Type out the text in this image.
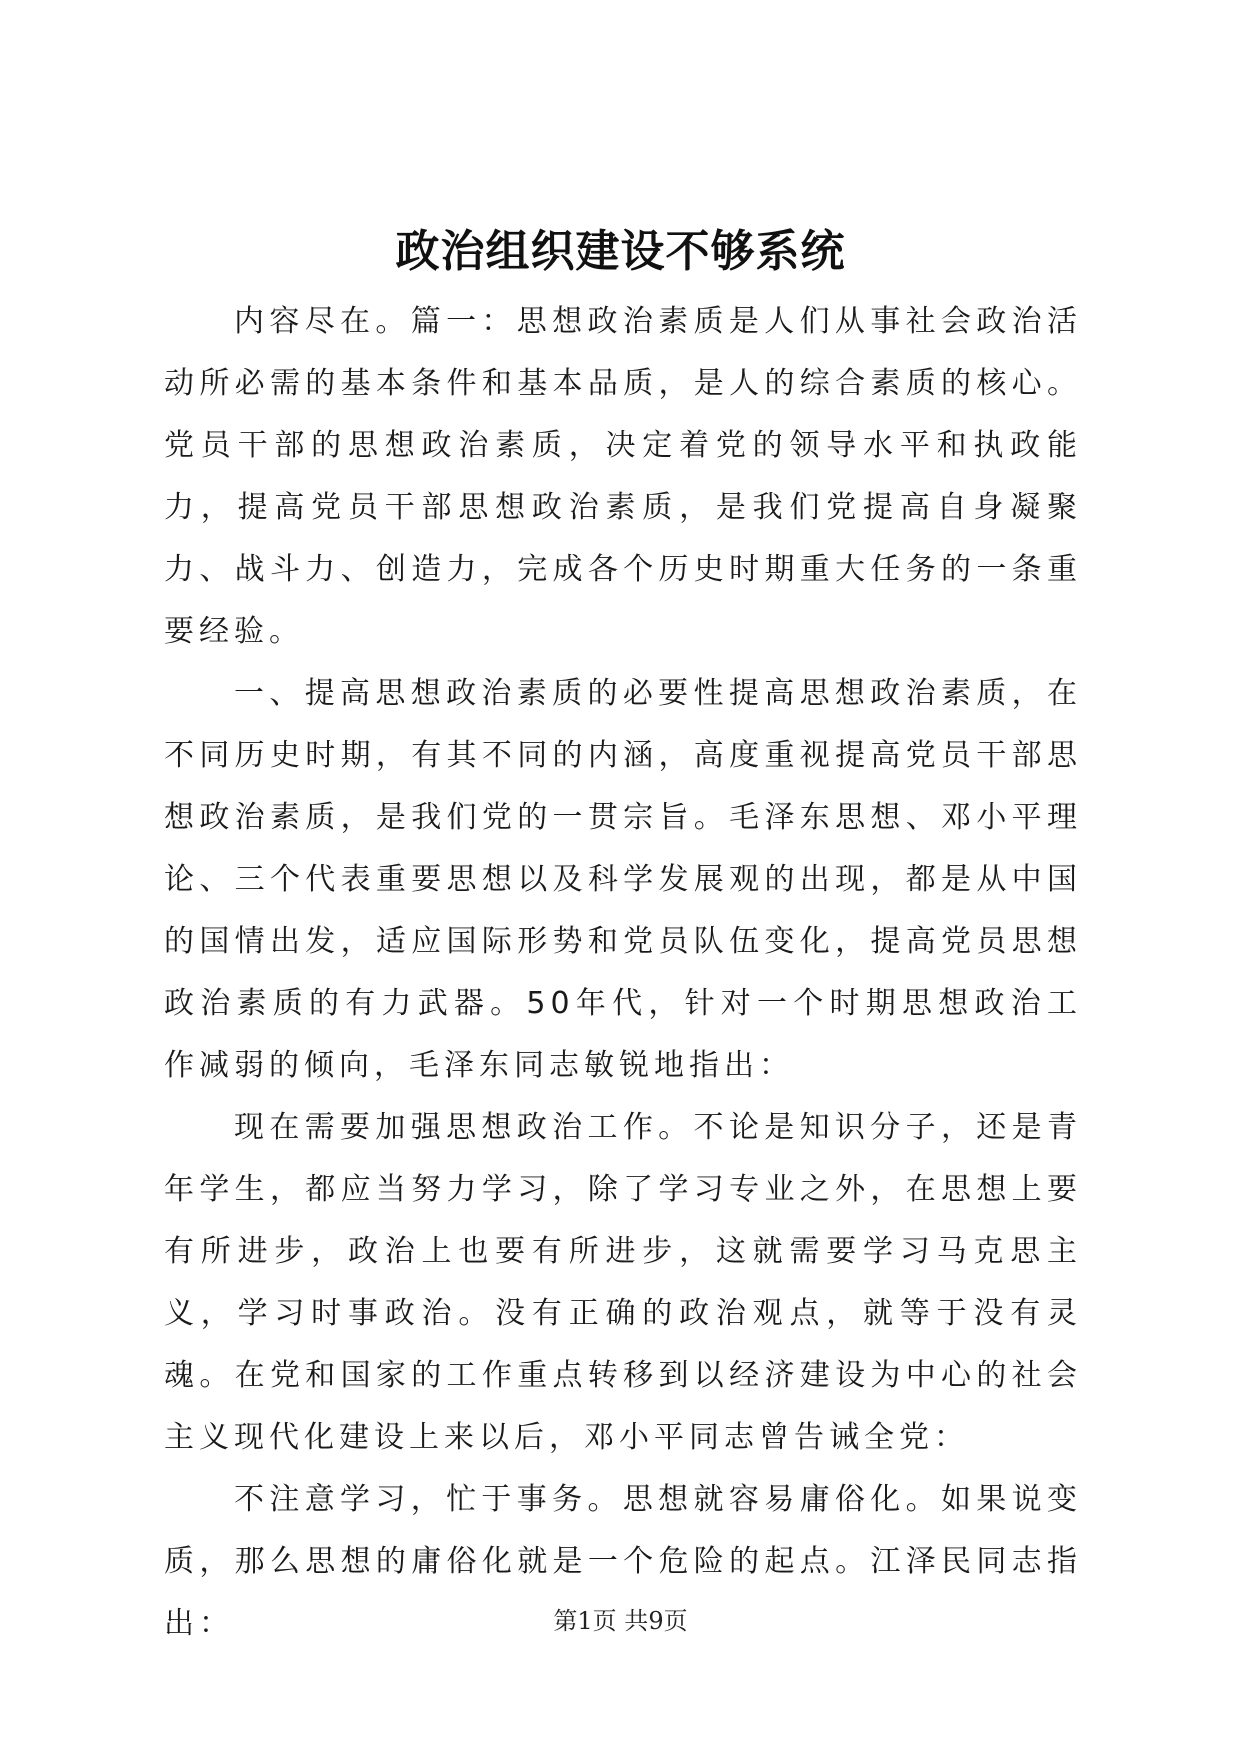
政治组织建设不够系统

内容尽在。篇一：思想政治素质是人们从事社会政治活动所必需的基本条件和基本品质，是人的综合素质的核心。党员干部的思想政治素质，决定着党的领导水平和执政能力，提高党员干部思想政治素质，是我们党提高自身凝聚力、战斗力、创造力，完成各个历史时期重大任务的一条重要经验。

一、提高思想政治素质的必要性提高思想政治素质，在不同历史时期，有其不同的内涵，高度重视提高党员干部思想政治素质，是我们党的一贯宗旨。毛泽东思想、邓小平理论、三个代表重要思想以及科学发展观的出现，都是从中国的国情出发，适应国际形势和党员队伍变化，提高党员思想政治素质的有力武器。50年代，针对一个时期思想政治工作减弱的倾向，毛泽东同志敏锐地指出：

现在需要加强思想政治工作。不论是知识分子，还是青年学生，都应当努力学习，除了学习专业之外，在思想上要有所进步，政治上也要有所进步，这就需要学习马克思主义，学习时事政治。没有正确的政治观点，就等于没有灵魂。在党和国家的工作重点转移到以经济建设为中心的社会主义现代化建设上来以后，邓小平同志曾告诫全党：

不注意学习，忙于事务。思想就容易庸俗化。如果说变质，那么思想的庸俗化就是一个危险的起点。江泽民同志指出：	第1页 共9页
